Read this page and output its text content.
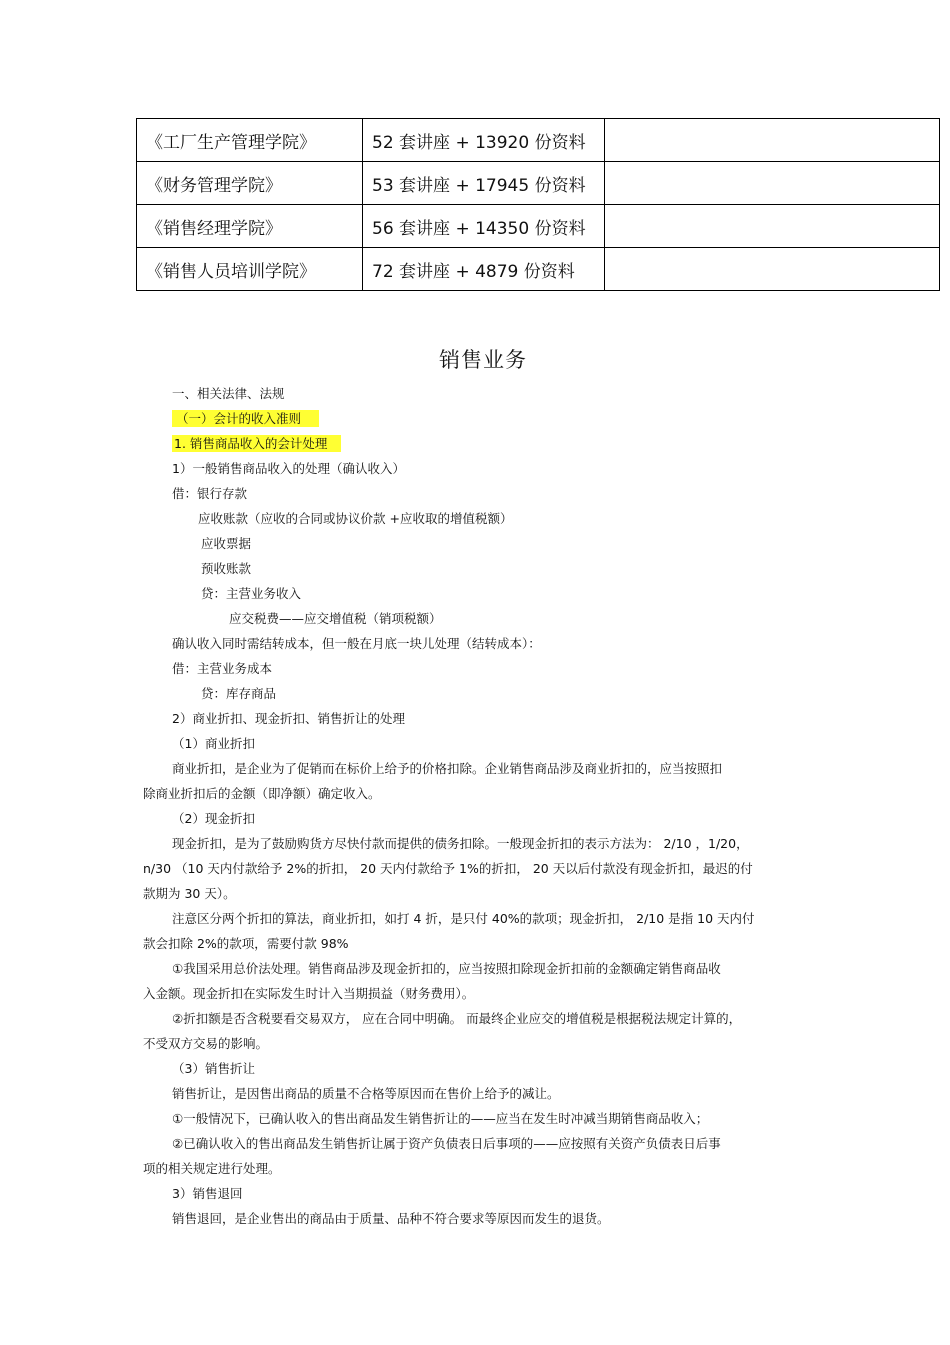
《工厂生产管理学院》	52 套讲座 + 13920 份资料	
《财务管理学院》	53 套讲座 + 17945 份资料	
《销售经理学院》	56 套讲座 + 14350 份资料	
《销售人员培训学院》	72 套讲座 + 4879 份资料	
销售业务
一、相关法律、法规
（一）会计的收入准则
1. 销售商品收入的会计处理
1）一般销售商品收入的处理（确认收入）
借：银行存款
应收账款（应收的合同或协议价款 +应收取的增值税额）
应收票据
预收账款
贷：主营业务收入
应交税费——应交增值税（销项税额）
确认收入同时需结转成本，但一般在月底一块儿处理（结转成本）：
借：主营业务成本
贷：库存商品
2）商业折扣、现金折扣、销售折让的处理
（1）商业折扣
商业折扣，是企业为了促销而在标价上给予的价格扣除。企业销售商品涉及商业折扣的，应当按照扣
除商业折扣后的金额（即净额）确定收入。
（2）现金折扣
现金折扣，是为了鼓励购货方尽快付款而提供的债务扣除。一般现金折扣的表示方法为： 2/10 ，1/20，
n/30 （10 天内付款给予 2%的折扣， 20 天内付款给予 1%的折扣， 20 天以后付款没有现金折扣，最迟的付
款期为 30 天）。
注意区分两个折扣的算法，商业折扣，如打 4 折，是只付 40%的款项；现金折扣， 2/10 是指 10 天内付
款会扣除 2%的款项，需要付款 98%
①我国采用总价法处理。销售商品涉及现金折扣的，应当按照扣除现金折扣前的金额确定销售商品收
入金额。现金折扣在实际发生时计入当期损益（财务费用）。
②折扣额是否含税要看交易双方， 应在合同中明确。 而最终企业应交的增值税是根据税法规定计算的，
不受双方交易的影响。
（3）销售折让
销售折让，是因售出商品的质量不合格等原因而在售价上给予的减让。
①一般情况下，已确认收入的售出商品发生销售折让的——应当在发生时冲减当期销售商品收入；
②已确认收入的售出商品发生销售折让属于资产负债表日后事项的——应按照有关资产负债表日后事
项的相关规定进行处理。
3）销售退回
销售退回，是企业售出的商品由于质量、品种不符合要求等原因而发生的退货。
